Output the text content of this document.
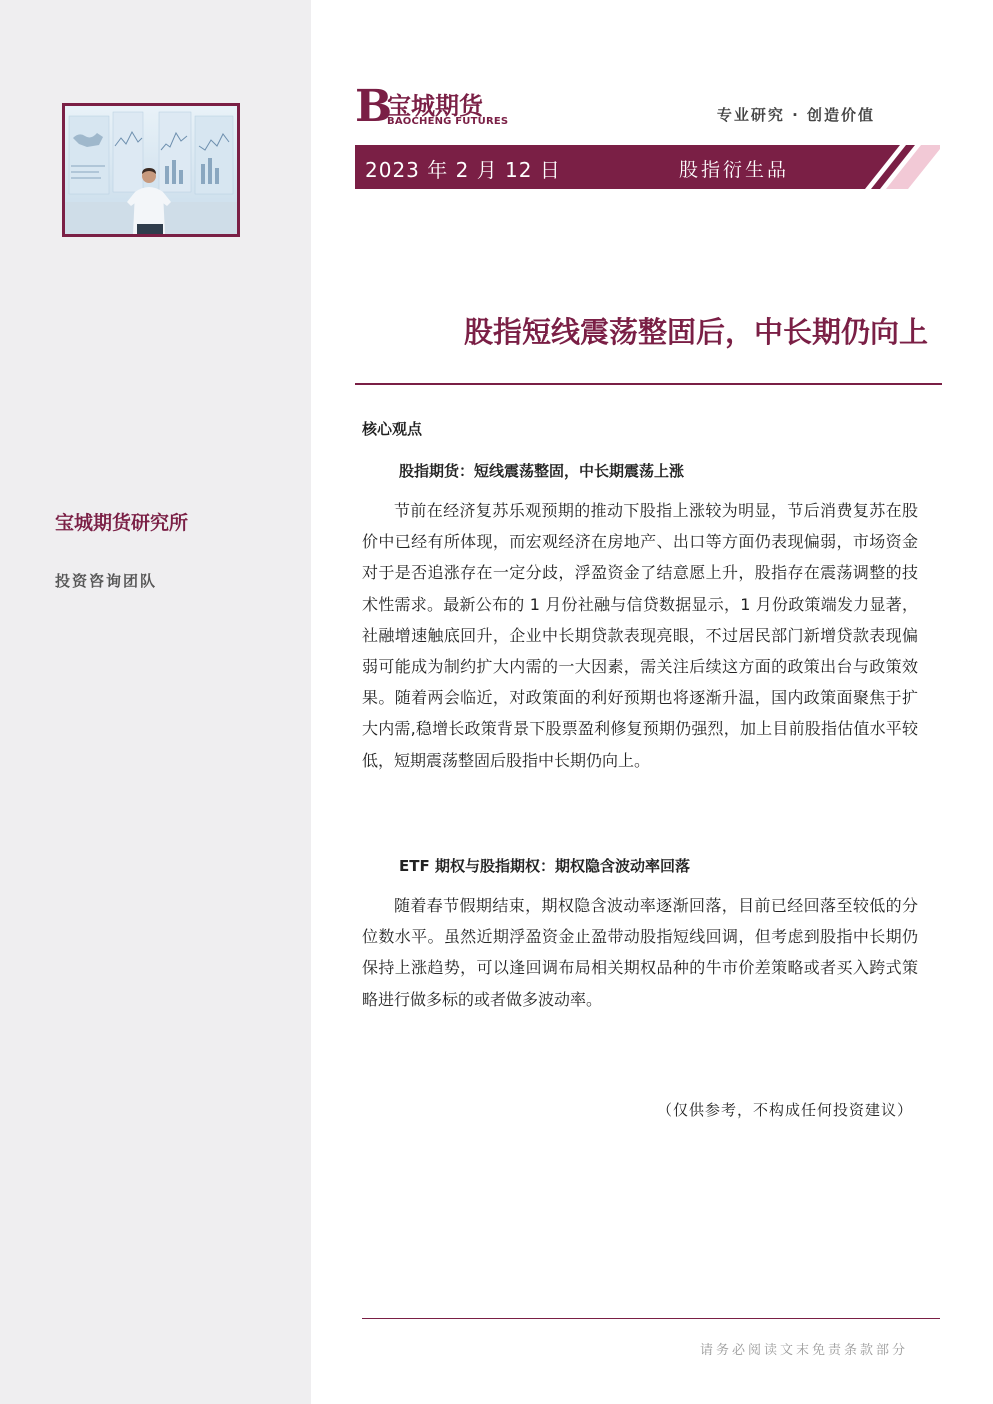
宝城期货研究所
投资咨询团队
B
宝城期货
BAOCHENG FUTURES	专业研究 · 创造价值
2023 年 2 月 12 日	股指衍生品
股指短线震荡整固后，中长期仍向上
核心观点
股指期货：短线震荡整固，中长期震荡上涨

节前在经济复苏乐观预期的推动下股指上涨较为明显，节后消费复苏在股价中已经有所体现，而宏观经济在房地产、出口等方面仍表现偏弱，市场资金对于是否追涨存在一定分歧，浮盈资金了结意愿上升，股指存在震荡调整的技术性需求。最新公布的 1 月份社融与信贷数据显示，1 月份政策端发力显著，社融增速触底回升，企业中长期贷款表现亮眼，不过居民部门新增贷款表现偏弱可能成为制约扩大内需的一大因素，需关注后续这方面的政策出台与政策效果。随着两会临近，对政策面的利好预期也将逐渐升温，国内政策面聚焦于扩大内需,稳增长政策背景下股票盈利修复预期仍强烈，加上目前股指估值水平较低，短期震荡整固后股指中长期仍向上。

ETF 期权与股指期权：期权隐含波动率回落

随着春节假期结束，期权隐含波动率逐渐回落，目前已经回落至较低的分位数水平。虽然近期浮盈资金止盈带动股指短线回调，但考虑到股指中长期仍保持上涨趋势，可以逢回调布局相关期权品种的牛市价差策略或者买入跨式策略进行做多标的或者做多波动率。

（仅供参考，不构成任何投资建议）
请务必阅读文末免责条款部分
